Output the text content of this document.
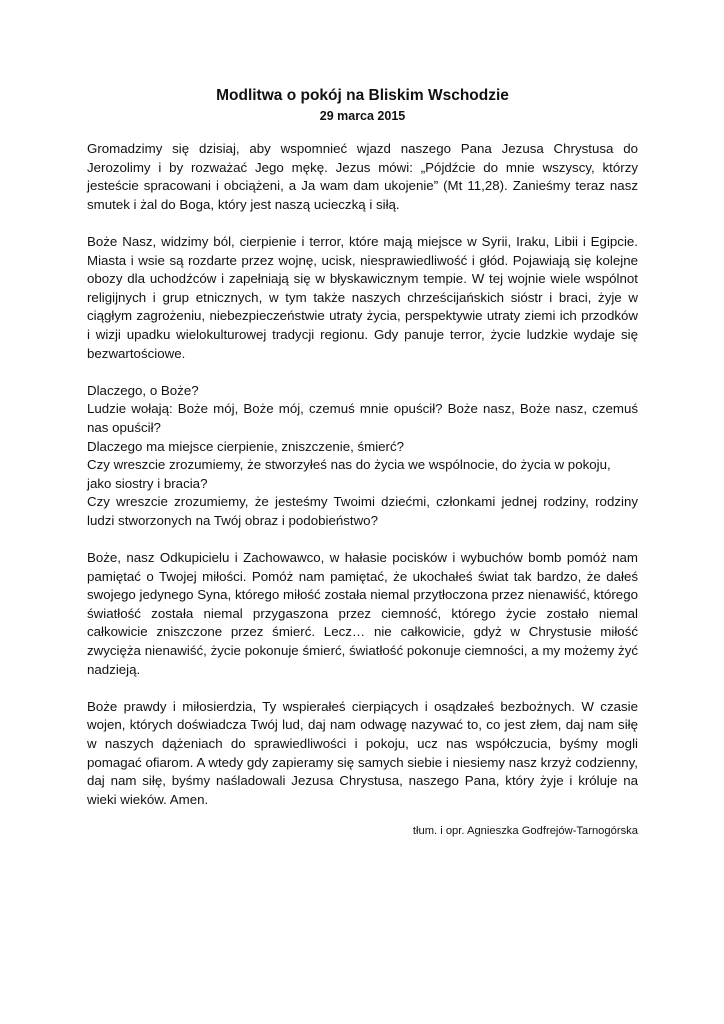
Modlitwa o pokój na Bliskim Wschodzie

29 marca 2015

Gromadzimy się dzisiaj, aby wspomnieć wjazd naszego Pana Jezusa Chrystusa do Jerozolimy i by rozważać Jego mękę. Jezus mówi: „Pójdźcie do mnie wszyscy, którzy jesteście spracowani i obciążeni, a Ja wam dam ukojenie” (Mt 11,28). Zanieśmy teraz nasz smutek i żal do Boga, który jest naszą ucieczką i siłą.

Boże Nasz, widzimy ból, cierpienie i terror, które mają miejsce w Syrii, Iraku, Libii i Egipcie. Miasta i wsie są rozdarte przez wojnę, ucisk, niesprawiedliwość i głód. Pojawiają się kolejne obozy dla uchodźców i zapełniają się w błyskawicznym tempie. W tej wojnie wiele wspólnot religijnych i grup etnicznych, w tym także naszych chrześcijańskich sióstr i braci, żyje w ciągłym zagrożeniu, niebezpieczeństwie utraty życia, perspektywie utraty ziemi ich przodków i wizji upadku wielokulturowej tradycji regionu. Gdy panuje terror, życie ludzkie wydaje się bezwartościowe.

Dlaczego, o Boże?

Ludzie wołają: Boże mój, Boże mój, czemuś mnie opuścił? Boże nasz, Boże nasz, czemuś nas opuścił?

Dlaczego ma miejsce cierpienie, zniszczenie, śmierć?

Czy wreszcie zrozumiemy, że stworzyłeś nas do życia we wspólnocie, do życia w pokoju, jako siostry i bracia?

Czy wreszcie zrozumiemy, że jesteśmy Twoimi dziećmi, członkami jednej rodziny, rodziny ludzi stworzonych na Twój obraz i podobieństwo?

Boże, nasz Odkupicielu i Zachowawco, w hałasie pocisków i wybuchów bomb pomóż nam pamiętać o Twojej miłości. Pomóż nam pamiętać, że ukochałeś świat tak bardzo, że dałeś swojego jedynego Syna, którego miłość została niemal przytłoczona przez nienawiść, którego światłość została niemal przygaszona przez ciemność, którego życie zostało niemal całkowicie zniszczone przez śmierć. Lecz… nie całkowicie, gdyż w Chrystusie miłość zwycięża nienawiść, życie pokonuje śmierć, światłość pokonuje ciemności, a my możemy żyć nadzieją.

Boże prawdy i miłosierdzia, Ty wspierałeś cierpiących i osądzałeś bezbożnych. W czasie wojen, których doświadcza Twój lud, daj nam odwagę nazywać to, co jest złem, daj nam siłę w naszych dążeniach do sprawiedliwości i pokoju, ucz nas współczucia, byśmy mogli pomagać ofiarom. A wtedy gdy zapieramy się samych siebie i niesiemy nasz krzyż codzienny, daj nam siłę, byśmy naśladowali Jezusa Chrystusa, naszego Pana, który żyje i króluje na wieki wieków. Amen.

tłum. i opr. Agnieszka Godfrejów-Tarnogórska
